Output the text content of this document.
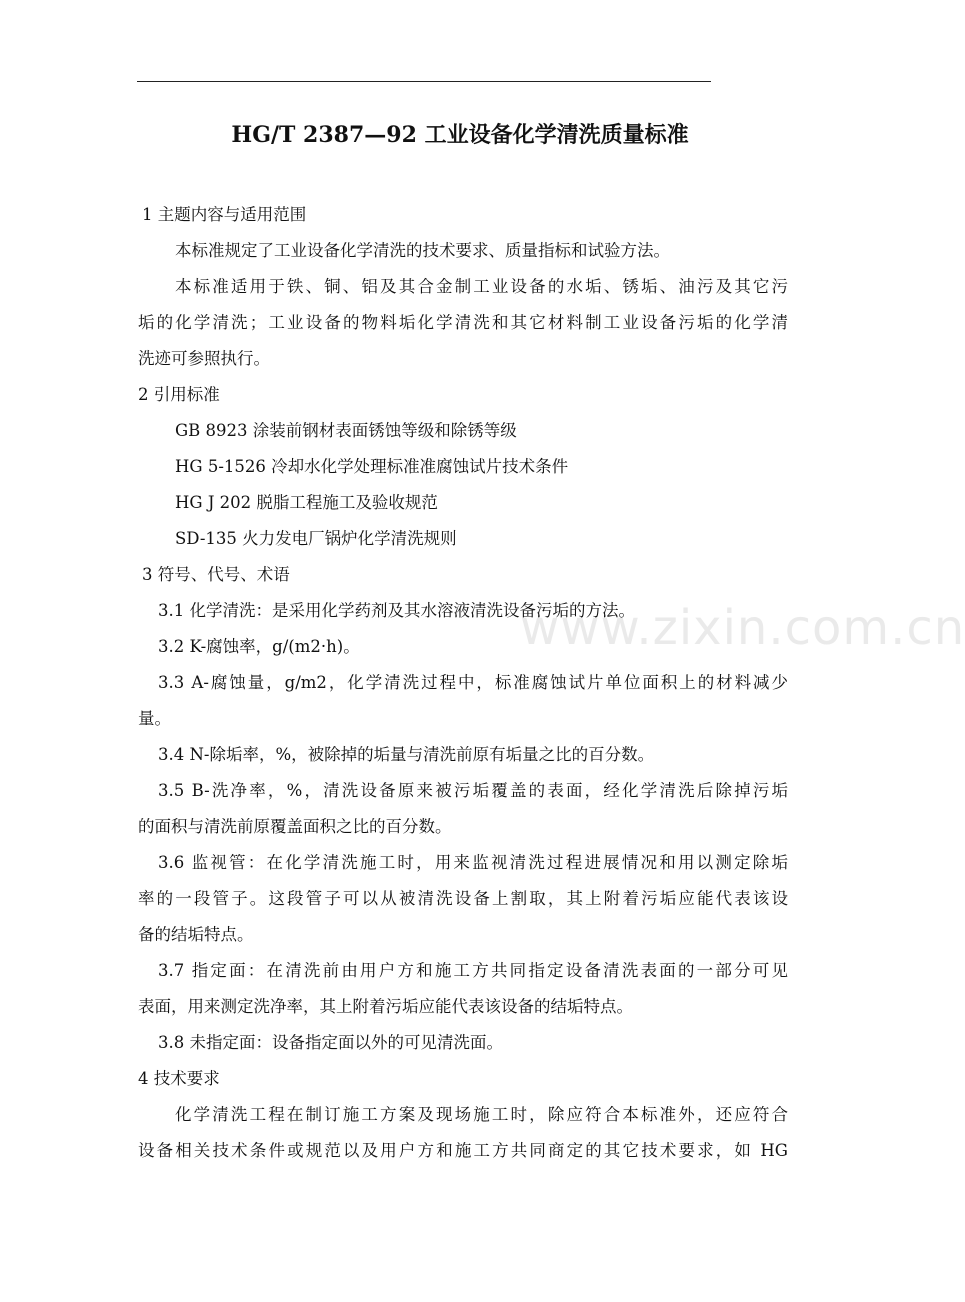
HG/T 2387—92 工业设备化学清洗质量标准
1 主题内容与适用范围
本标准规定了工业设备化学清洗的技术要求、质量指标和试验方法。
本标准适用于铁、铜、铝及其合金制工业设备的水垢、锈垢、油污及其它污
垢的化学清洗；工业设备的物料垢化学清洗和其它材料制工业设备污垢的化学清
洗迹可参照执行。
2 引用标准
GB 8923 涂装前钢材表面锈蚀等级和除锈等级
HG 5-1526 冷却水化学处理标准准腐蚀试片技术条件
HG J 202 脱脂工程施工及验收规范
SD-135 火力发电厂锅炉化学清洗规则
3 符号、代号、术语
3.1 化学清洗：是采用化学药剂及其水溶液清洗设备污垢的方法。
3.2 K-腐蚀率，g/(m2·h)。
3.3 A-腐蚀量，g/m2，化学清洗过程中，标准腐蚀试片单位面积上的材料减少
量。
3.4 N-除垢率，%，被除掉的垢量与清洗前原有垢量之比的百分数。
3.5 B-洗净率，%，清洗设备原来被污垢覆盖的表面，经化学清洗后除掉污垢
的面积与清洗前原覆盖面积之比的百分数。
3.6 监视管：在化学清洗施工时，用来监视清洗过程进展情况和用以测定除垢
率的一段管子。这段管子可以从被清洗设备上割取，其上附着污垢应能代表该设
备的结垢特点。
3.7 指定面：在清洗前由用户方和施工方共同指定设备清洗表面的一部分可见
表面，用来测定洗净率，其上附着污垢应能代表该设备的结垢特点。
3.8 未指定面：设备指定面以外的可见清洗面。
4 技术要求
化学清洗工程在制订施工方案及现场施工时，除应符合本标准外，还应符合
设备相关技术条件或规范以及用户方和施工方共同商定的其它技术要求，如 HG
www.zixin.com.cn
